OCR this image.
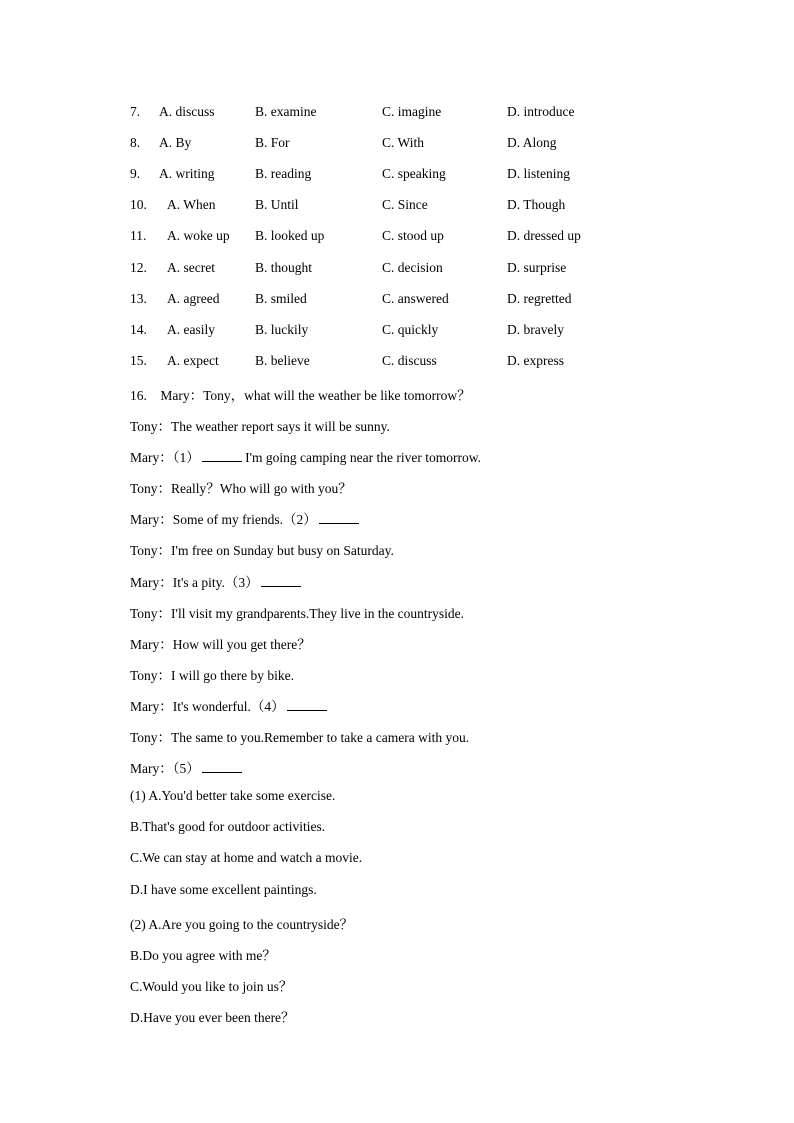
7. A. discuss	B. examine	C. imagine	D. introduce
8. A. By	B. For	C. With	D. Along
9. A. writing	B. reading	C. speaking	D. listening
10. A. When	B. Until	C. Since	D. Though
11. A. woke up B. looked up	C. stood up	D. dressed up
12. A. secret	B. thought	C. decision	D. surprise
13. A. agreed	B. smiled	C. answered	D. regretted
14. A. easily	B. luckily	C. quickly	D. bravely
15. A. expect	B. believe	C. discuss	D. express
16.　Mary：Tony，what will the weather be like tomorrow？
Tony：The weather report says it will be sunny.
Mary：（1）	I'm going camping near the river tomorrow.
Tony：Really？Who will go with you？
Mary：Some of my friends.（2）
Tony：I'm free on Sunday but busy on Saturday.
Mary：It's a pity.（3）
Tony：I'll visit my grandparents.They live in the countryside.
Mary：How will you get there？
Tony：I will go there by bike.
Mary：It's wonderful.（4）
Tony：The same to you.Remember to take a camera with you.
Mary：（5）
(1) A.You'd better take some exercise.
B.That's good for outdoor activities.
C.We can stay at home and watch a movie.
D.I have some excellent paintings.
(2) A.Are you going to the countryside？
B.Do you agree with me？
C.Would you like to join us？
D.Have you ever been there？
